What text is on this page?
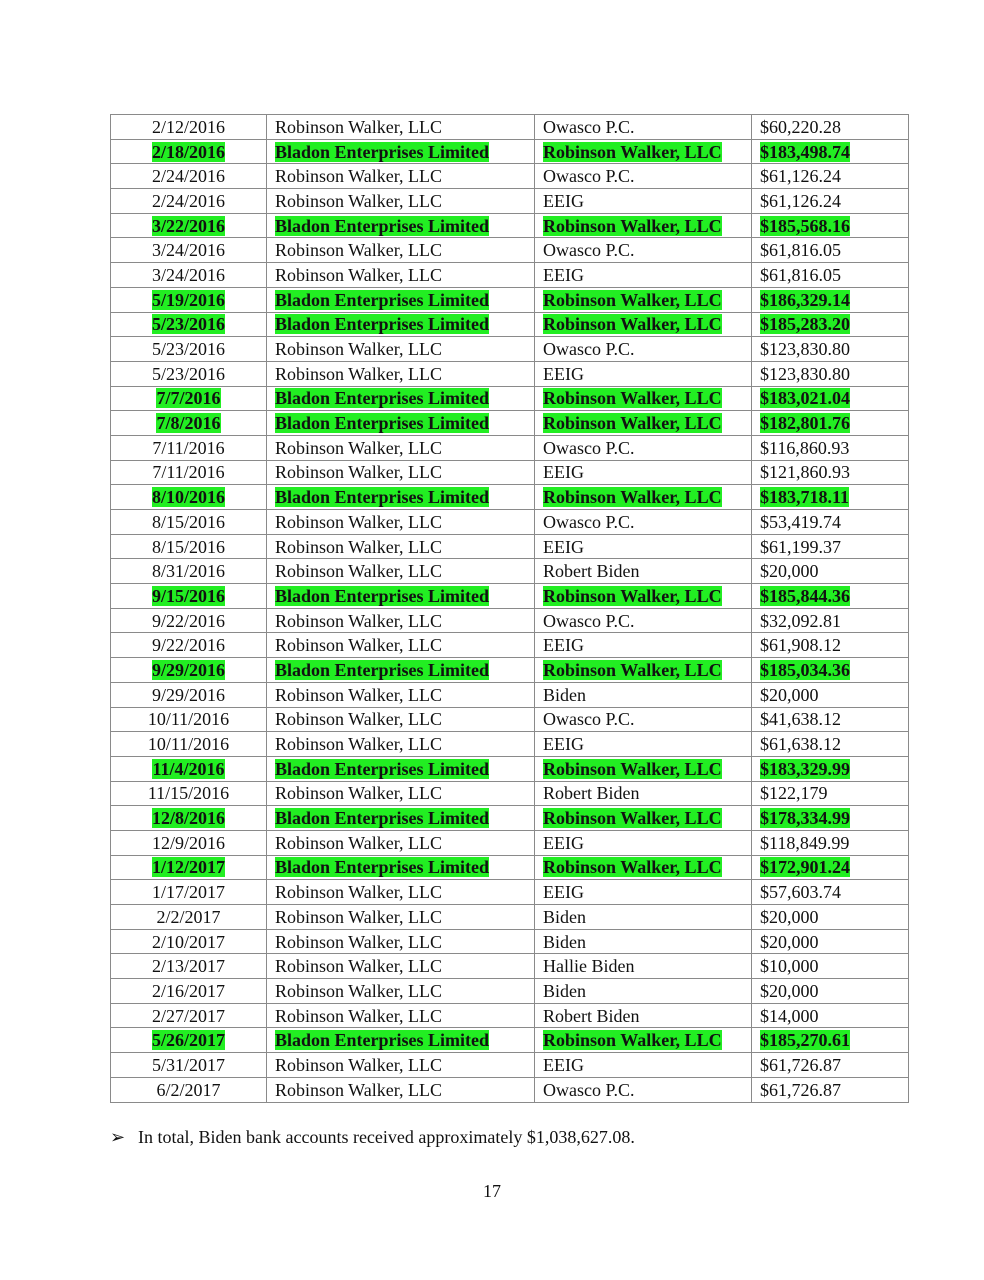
2/12/2016	Robinson Walker, LLC	Owasco P.C.	$60,220.28
2/18/2016	Bladon Enterprises Limited	Robinson Walker, LLC	$183,498.74
2/24/2016	Robinson Walker, LLC	Owasco P.C.	$61,126.24
2/24/2016	Robinson Walker, LLC	EEIG	$61,126.24
3/22/2016	Bladon Enterprises Limited	Robinson Walker, LLC	$185,568.16
3/24/2016	Robinson Walker, LLC	Owasco P.C.	$61,816.05
3/24/2016	Robinson Walker, LLC	EEIG	$61,816.05
5/19/2016	Bladon Enterprises Limited	Robinson Walker, LLC	$186,329.14
5/23/2016	Bladon Enterprises Limited	Robinson Walker, LLC	$185,283.20
5/23/2016	Robinson Walker, LLC	Owasco P.C.	$123,830.80
5/23/2016	Robinson Walker, LLC	EEIG	$123,830.80
7/7/2016	Bladon Enterprises Limited	Robinson Walker, LLC	$183,021.04
7/8/2016	Bladon Enterprises Limited	Robinson Walker, LLC	$182,801.76
7/11/2016	Robinson Walker, LLC	Owasco P.C.	$116,860.93
7/11/2016	Robinson Walker, LLC	EEIG	$121,860.93
8/10/2016	Bladon Enterprises Limited	Robinson Walker, LLC	$183,718.11
8/15/2016	Robinson Walker, LLC	Owasco P.C.	$53,419.74
8/15/2016	Robinson Walker, LLC	EEIG	$61,199.37
8/31/2016	Robinson Walker, LLC	Robert Biden	$20,000
9/15/2016	Bladon Enterprises Limited	Robinson Walker, LLC	$185,844.36
9/22/2016	Robinson Walker, LLC	Owasco P.C.	$32,092.81
9/22/2016	Robinson Walker, LLC	EEIG	$61,908.12
9/29/2016	Bladon Enterprises Limited	Robinson Walker, LLC	$185,034.36
9/29/2016	Robinson Walker, LLC	Biden	$20,000
10/11/2016	Robinson Walker, LLC	Owasco P.C.	$41,638.12
10/11/2016	Robinson Walker, LLC	EEIG	$61,638.12
11/4/2016	Bladon Enterprises Limited	Robinson Walker, LLC	$183,329.99
11/15/2016	Robinson Walker, LLC	Robert Biden	$122,179
12/8/2016	Bladon Enterprises Limited	Robinson Walker, LLC	$178,334.99
12/9/2016	Robinson Walker, LLC	EEIG	$118,849.99
1/12/2017	Bladon Enterprises Limited	Robinson Walker, LLC	$172,901.24
1/17/2017	Robinson Walker, LLC	EEIG	$57,603.74
2/2/2017	Robinson Walker, LLC	Biden	$20,000
2/10/2017	Robinson Walker, LLC	Biden	$20,000
2/13/2017	Robinson Walker, LLC	Hallie Biden	$10,000
2/16/2017	Robinson Walker, LLC	Biden	$20,000
2/27/2017	Robinson Walker, LLC	Robert Biden	$14,000
5/26/2017	Bladon Enterprises Limited	Robinson Walker, LLC	$185,270.61
5/31/2017	Robinson Walker, LLC	EEIG	$61,726.87
6/2/2017	Robinson Walker, LLC	Owasco P.C.	$61,726.87
➢ In total, Biden bank accounts received approximately $1,038,627.08.
17
